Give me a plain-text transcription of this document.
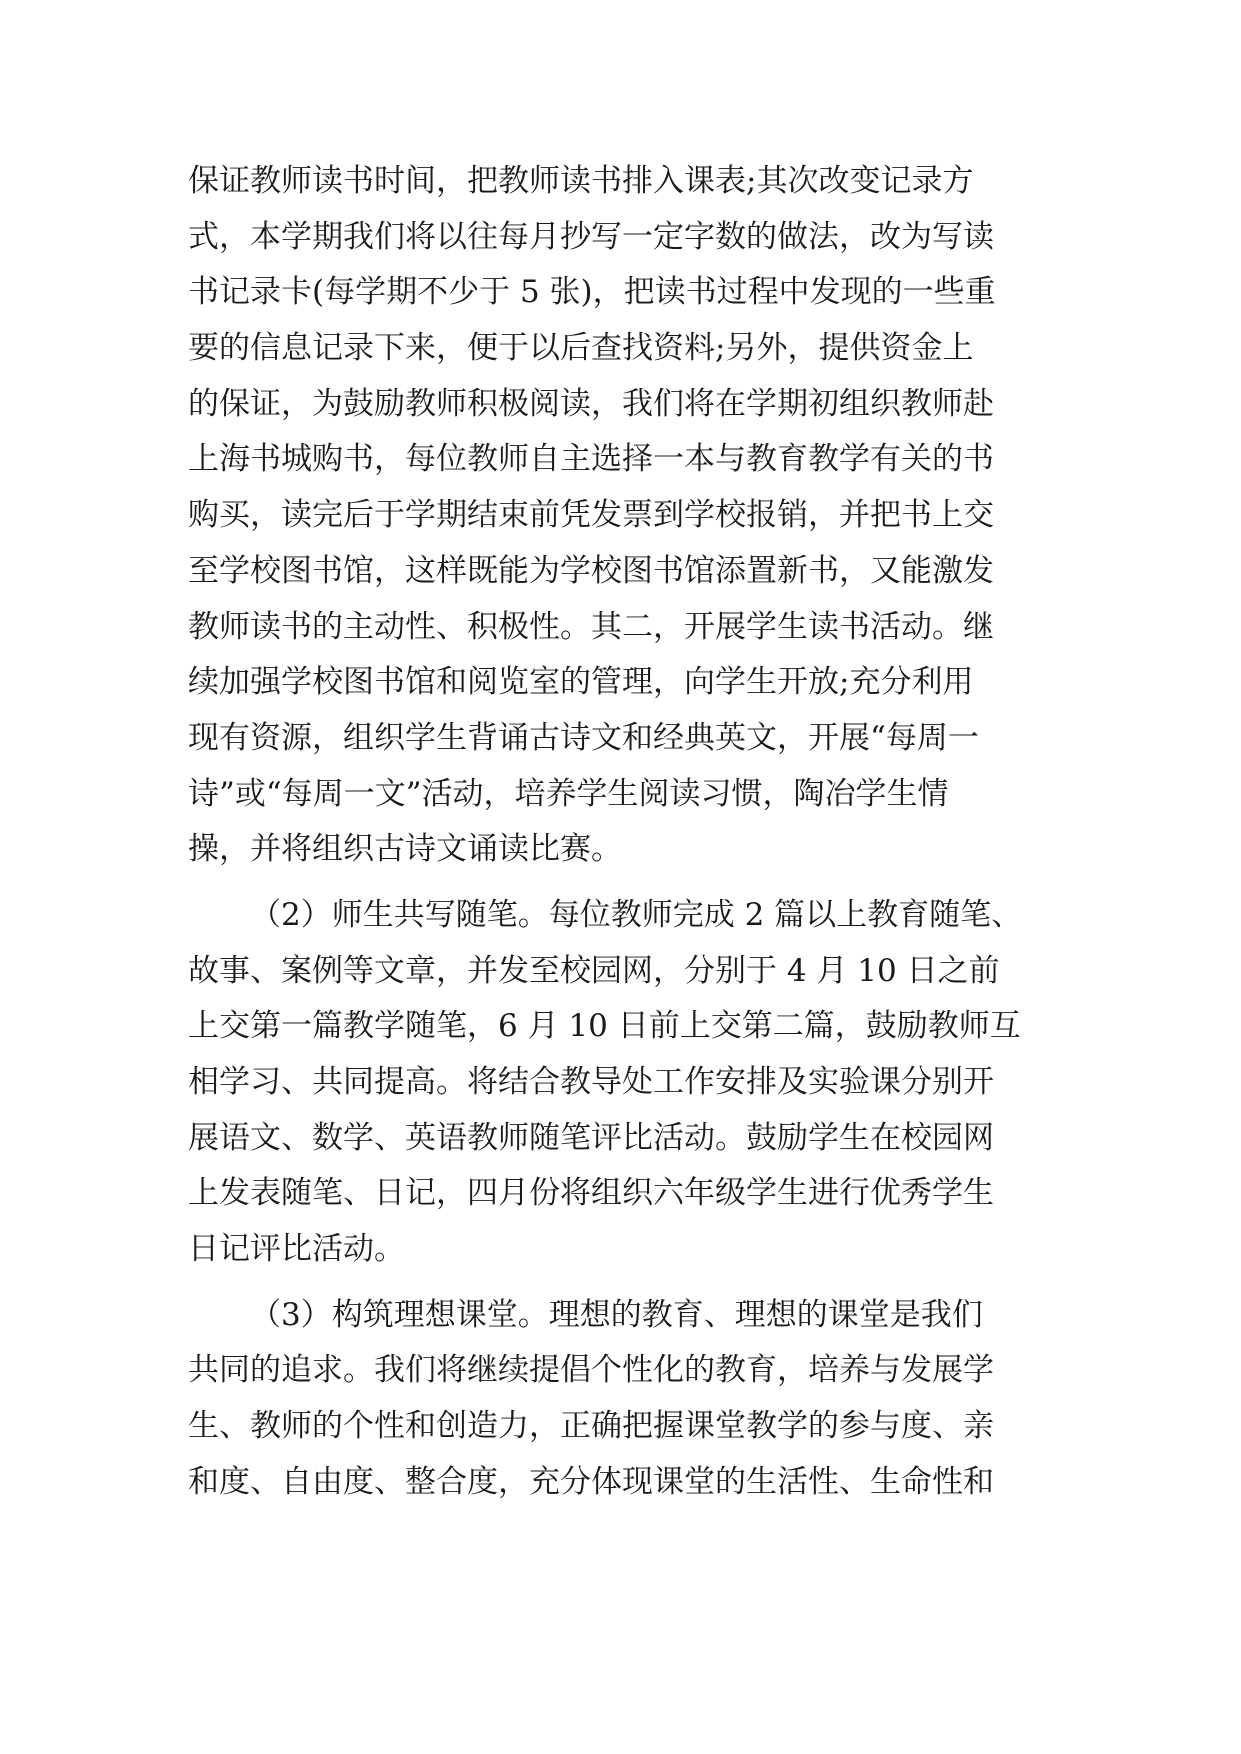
保证教师读书时间，把教师读书排入课表;其次改变记录方
式，本学期我们将以往每月抄写一定字数的做法，改为写读
书记录卡(每学期不少于 5 张)，把读书过程中发现的一些重
要的信息记录下来，便于以后查找资料;另外，提供资金上
的保证，为鼓励教师积极阅读，我们将在学期初组织教师赴
上海书城购书，每位教师自主选择一本与教育教学有关的书
购买，读完后于学期结束前凭发票到学校报销，并把书上交
至学校图书馆，这样既能为学校图书馆添置新书，又能激发
教师读书的主动性、积极性。其二，开展学生读书活动。继
续加强学校图书馆和阅览室的管理，向学生开放;充分利用
现有资源，组织学生背诵古诗文和经典英文，开展“每周一
诗”或“每周一文”活动，培养学生阅读习惯，陶冶学生情
操，并将组织古诗文诵读比赛。
（2）师生共写随笔。每位教师完成 2 篇以上教育随笔、
故事、案例等文章，并发至校园网，分别于 4 月 10 日之前
上交第一篇教学随笔，6 月 10 日前上交第二篇，鼓励教师互
相学习、共同提高。将结合教导处工作安排及实验课分别开
展语文、数学、英语教师随笔评比活动。鼓励学生在校园网
上发表随笔、日记，四月份将组织六年级学生进行优秀学生
日记评比活动。
（3）构筑理想课堂。理想的教育、理想的课堂是我们
共同的追求。我们将继续提倡个性化的教育，培养与发展学
生、教师的个性和创造力，正确把握课堂教学的参与度、亲
和度、自由度、整合度，充分体现课堂的生活性、生命性和
